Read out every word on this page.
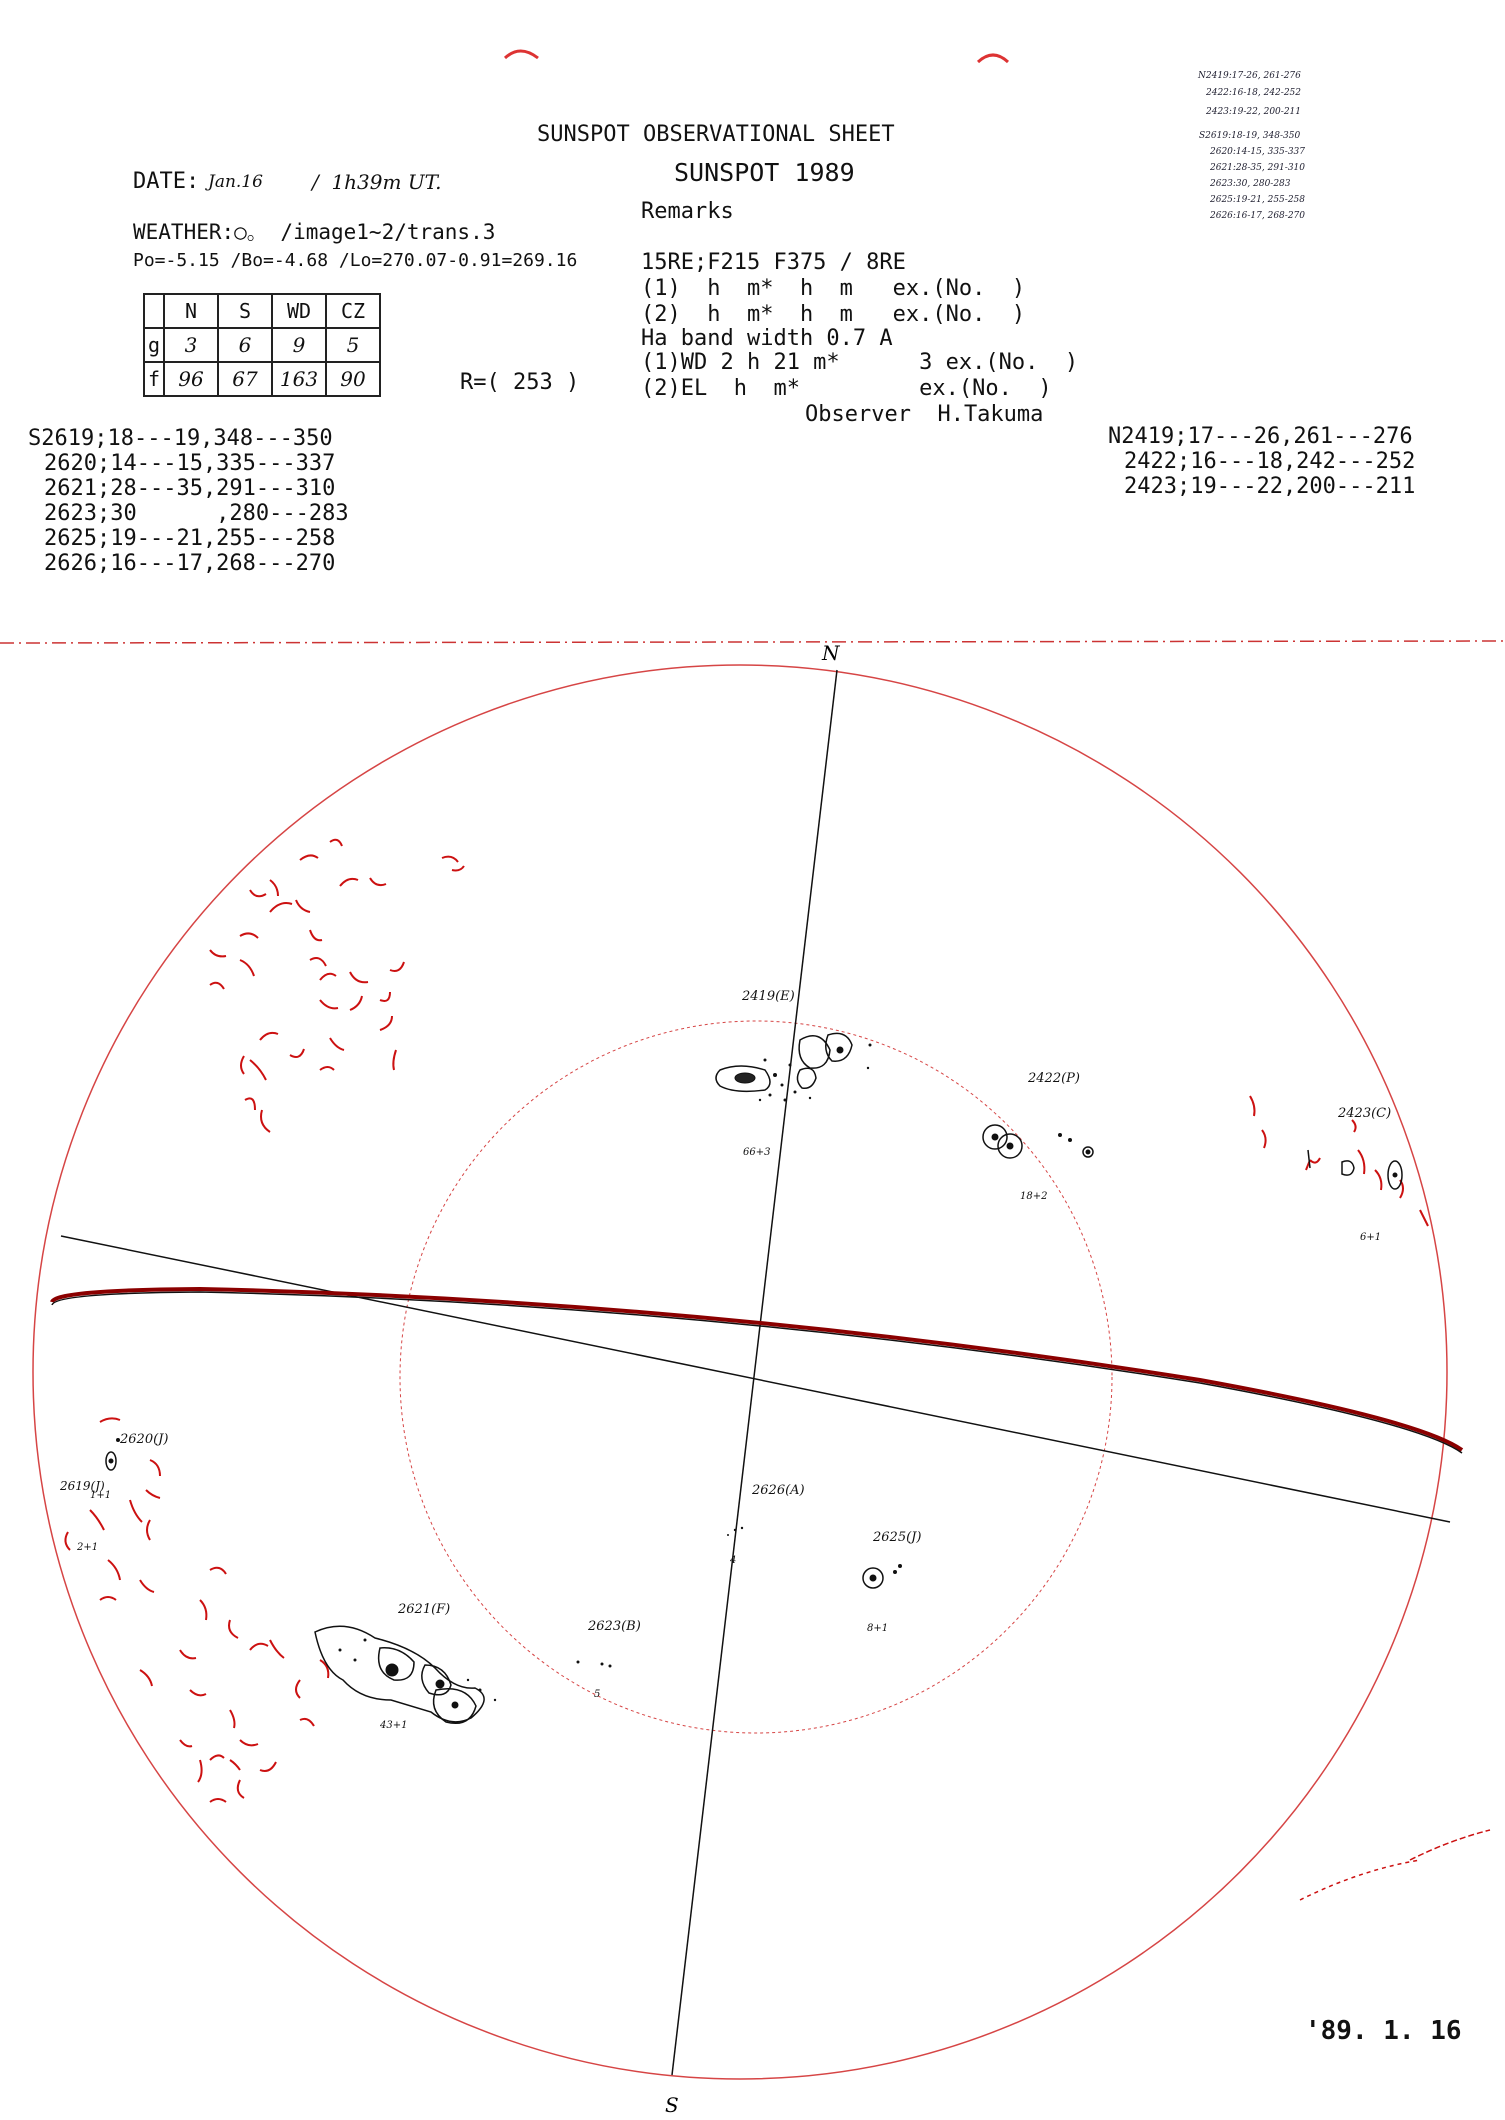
SUNSPOT OBSERVATIONAL SHEET
SUNSPOT 1989
DATE: Jan.16 /  1h39m UT.
Remarks
WEATHER:○。 /image1~2/trans.3
Po=-5.15 /Bo=-4.68 /Lo=270.07-0.91=269.16	15RE;F215 F375 / 8RE
(1)  h  m*  h  m   ex.(No.  )
(2)  h  m*  h  m   ex.(No.  )
Ha band width 0.7 A
(1)WD 2 h 21 m*      3 ex.(No.  )
(2)EL  h  m*         ex.(No.  )
Observer  H.Takuma
	N	S	WD	CZ
g	3	6	9	5
f	96	67	163	90	R=( 253 )
S2619;18---19,348---350
2620;14---15,335---337
2621;28---35,291---310
2623;30      ,280---283
2625;19---21,255---258
2626;16---17,268---270
N2419;17---26,261---276
2422;16---18,242---252
2423;19---22,200---211
N2419:17-26, 261-276
2422:16-18, 242-252
2423:19-22, 200-211
S2619:18-19, 348-350
2620:14-15, 335-337
2621:28-35, 291-310
2623:30, 280-283
2625:19-21, 255-258
2626:16-17, 268-270
N
S
2419(E)
66+3
2422(P)
18+2
2423(C)
6+1
2620(J)
1+1
2619(J)
2+1
2626(A)
4
2625(J)
8+1
2621(F)
43+1
2623(B)
5
'89. 1. 16
